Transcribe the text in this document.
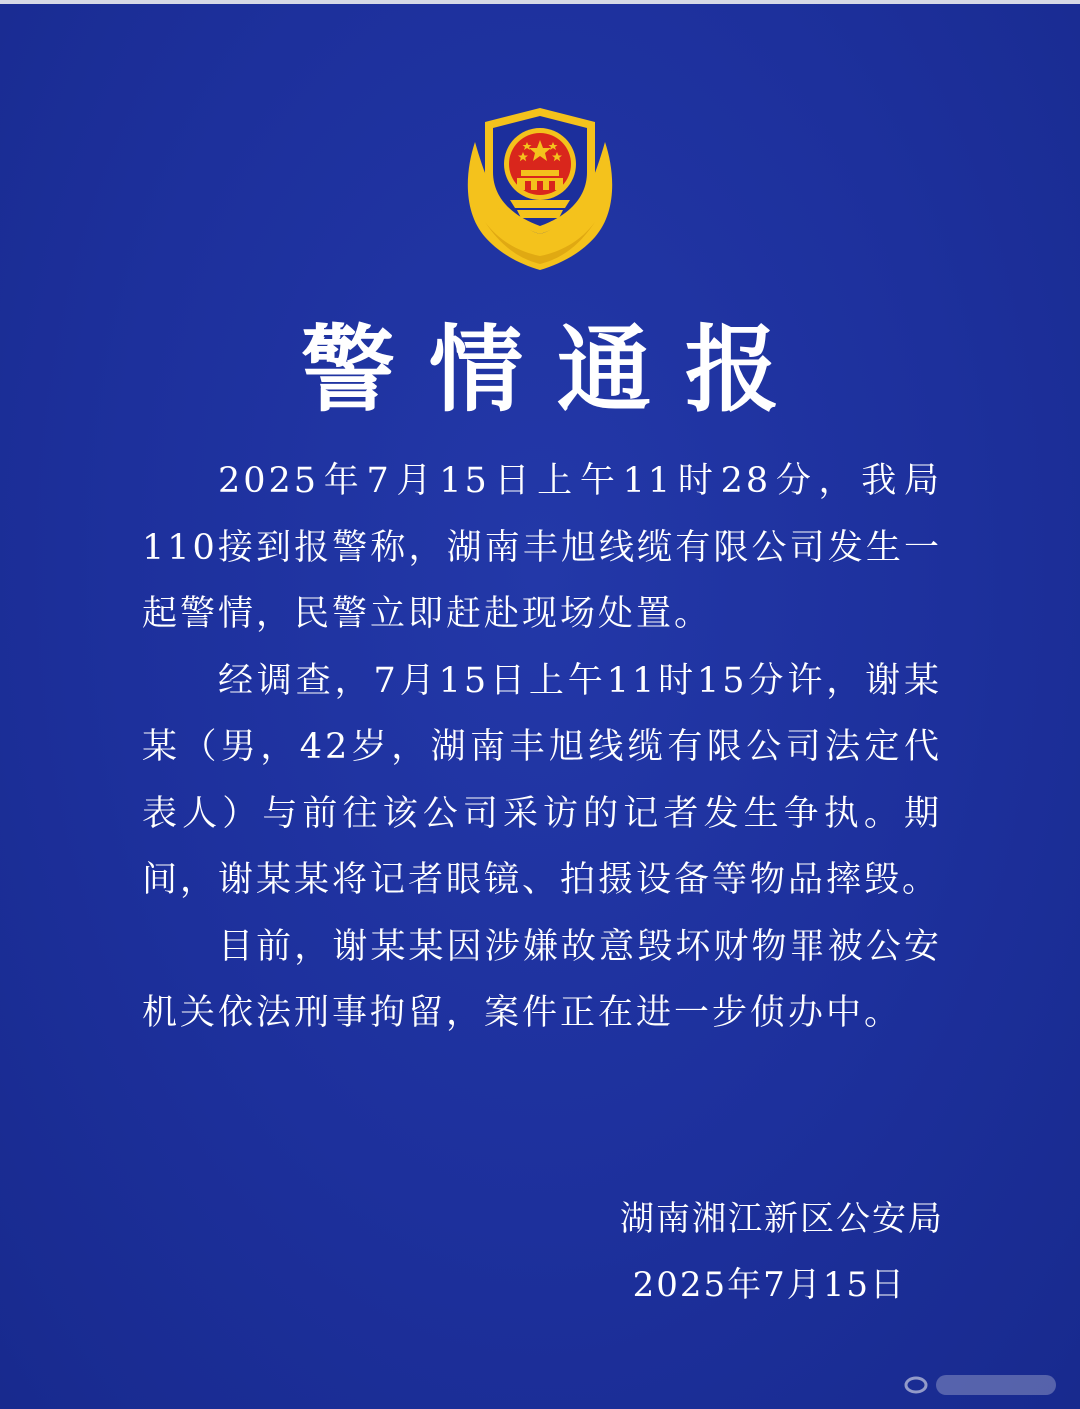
警情通报

2025年7月15日上午11时28分，我局110接到报警称，湖南丰旭线缆有限公司发生一起警情，民警立即赶赴现场处置。

经调查，7月15日上午11时15分许，谢某某（男，42岁，湖南丰旭线缆有限公司法定代表人）与前往该公司采访的记者发生争执。期间，谢某某将记者眼镜、拍摄设备等物品摔毁。

目前，谢某某因涉嫌故意毁坏财物罪被公安机关依法刑事拘留，案件正在进一步侦办中。

湖南湘江新区公安局
2025年7月15日
